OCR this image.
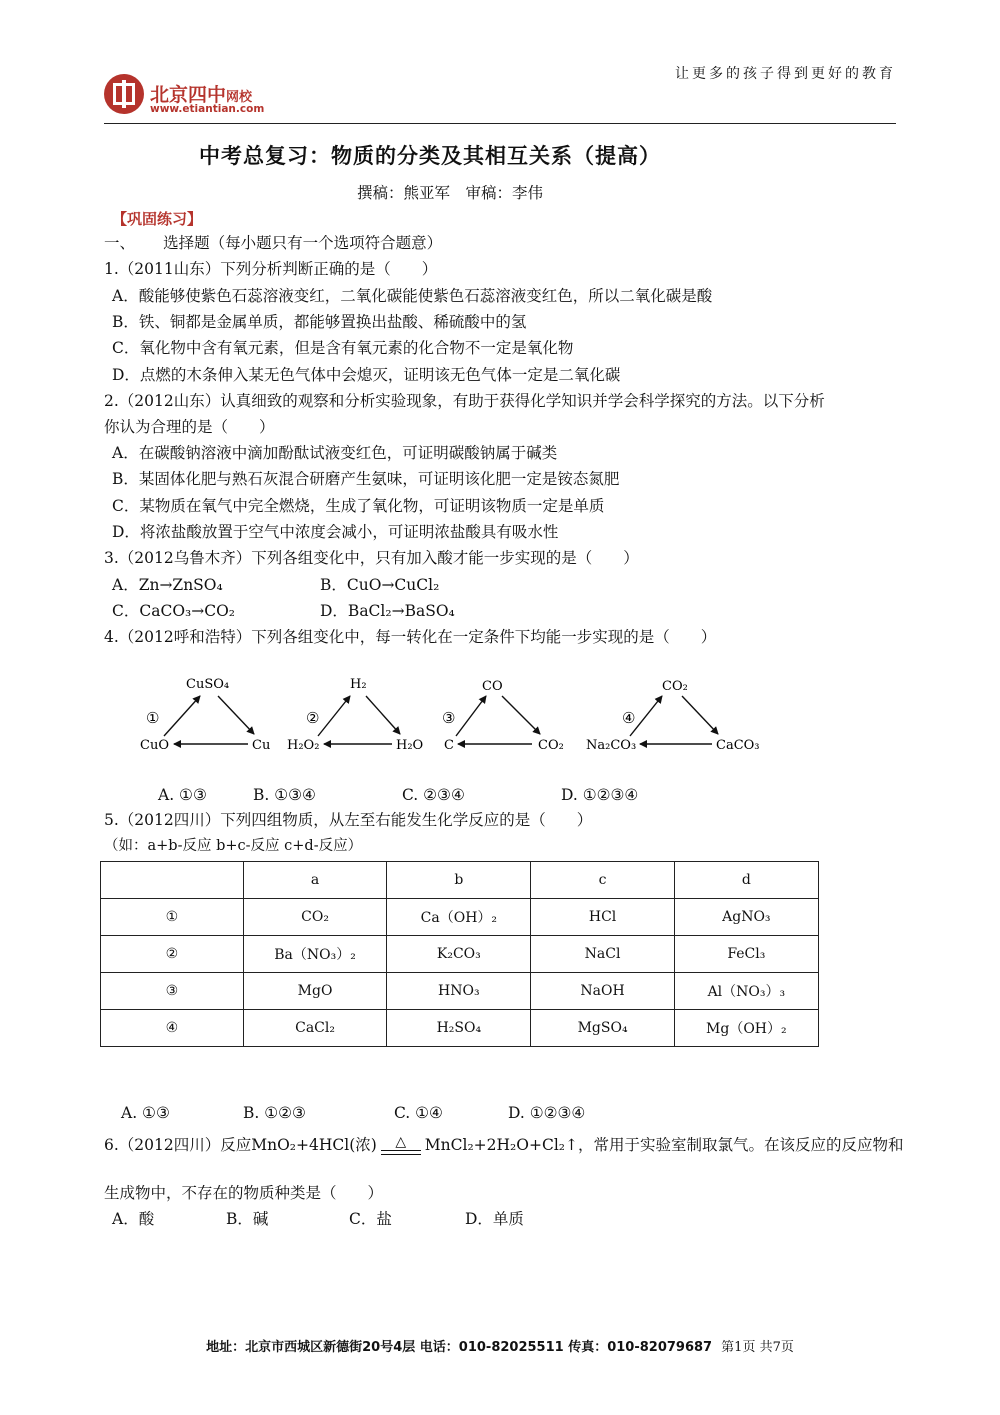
北京四中网校
www.etiantian.com
让更多的孩子得到更好的教育
中考总复习：物质的分类及其相互关系（提高）
撰稿：熊亚军　审稿：李伟
【巩固练习】
一、　　 选择题（每小题只有一个选项符合题意）
1.（2011山东）下列分析判断正确的是（　　）
A．酸能够使紫色石蕊溶液变红，二氧化碳能使紫色石蕊溶液变红色，所以二氧化碳是酸
B．铁、铜都是金属单质，都能够置换出盐酸、稀硫酸中的氢
C．氧化物中含有氧元素，但是含有氧元素的化合物不一定是氧化物
D．点燃的木条伸入某无色气体中会熄灭，证明该无色气体一定是二氧化碳
2.（2012山东）认真细致的观察和分析实验现象，有助于获得化学知识并学会科学探究的方法。以下分析
你认为合理的是（　　）
A．在碳酸钠溶液中滴加酚酞试液变红色，可证明碳酸钠属于碱类
B．某固体化肥与熟石灰混合研磨产生氨味，可证明该化肥一定是铵态氮肥
C．某物质在氧气中完全燃烧，生成了氧化物，可证明该物质一定是单质
D．将浓盐酸放置于空气中浓度会减小，可证明浓盐酸具有吸水性
3.（2012乌鲁木齐）下列各组变化中，只有加入酸才能一步实现的是（　　）
A．Zn→ZnSO₄	B．CuO→CuCl₂
C．CaCO₃→CO₂	D．BaCl₂→BaSO₄
4.（2012呼和浩特）下列各组变化中，每一转化在一定条件下均能一步实现的是（　　）
①
CuSO₄
CuO	Cu
②
H₂
H₂O₂	H₂O
③
CO
C	CO₂
④
CO₂
Na₂CO₃	CaCO₃
A. ①③	B. ①③④	C. ②③④	D. ①②③④
5.（2012四川）下列四组物质，从左至右能发生化学反应的是（　　）
（如：a+b-反应 b+c-反应 c+d-反应）
	a	b	c	d
①	CO₂	Ca（OH）₂	HCl	AgNO₃
②	Ba（NO₃）₂	K₂CO₃	NaCl	FeCl₃
③	MgO	HNO₃	NaOH	Al（NO₃）₃
④	CaCl₂	H₂SO₄	MgSO₄	Mg（OH）₂
A. ①③	B. ①②③	C. ①④	D. ①②③④
6.（2012四川）反应MnO₂+4HCl(浓)	△	MnCl₂+2H₂O+Cl₂↑，常用于实验室制取氯气。在该反应的反应物和
生成物中，不存在的物质种类是（　　）
A．酸	B．碱	C．盐	D．单质
地址：北京市西城区新德街20号4层 电话：010-82025511 传真：010-82079687 第1页 共7页
